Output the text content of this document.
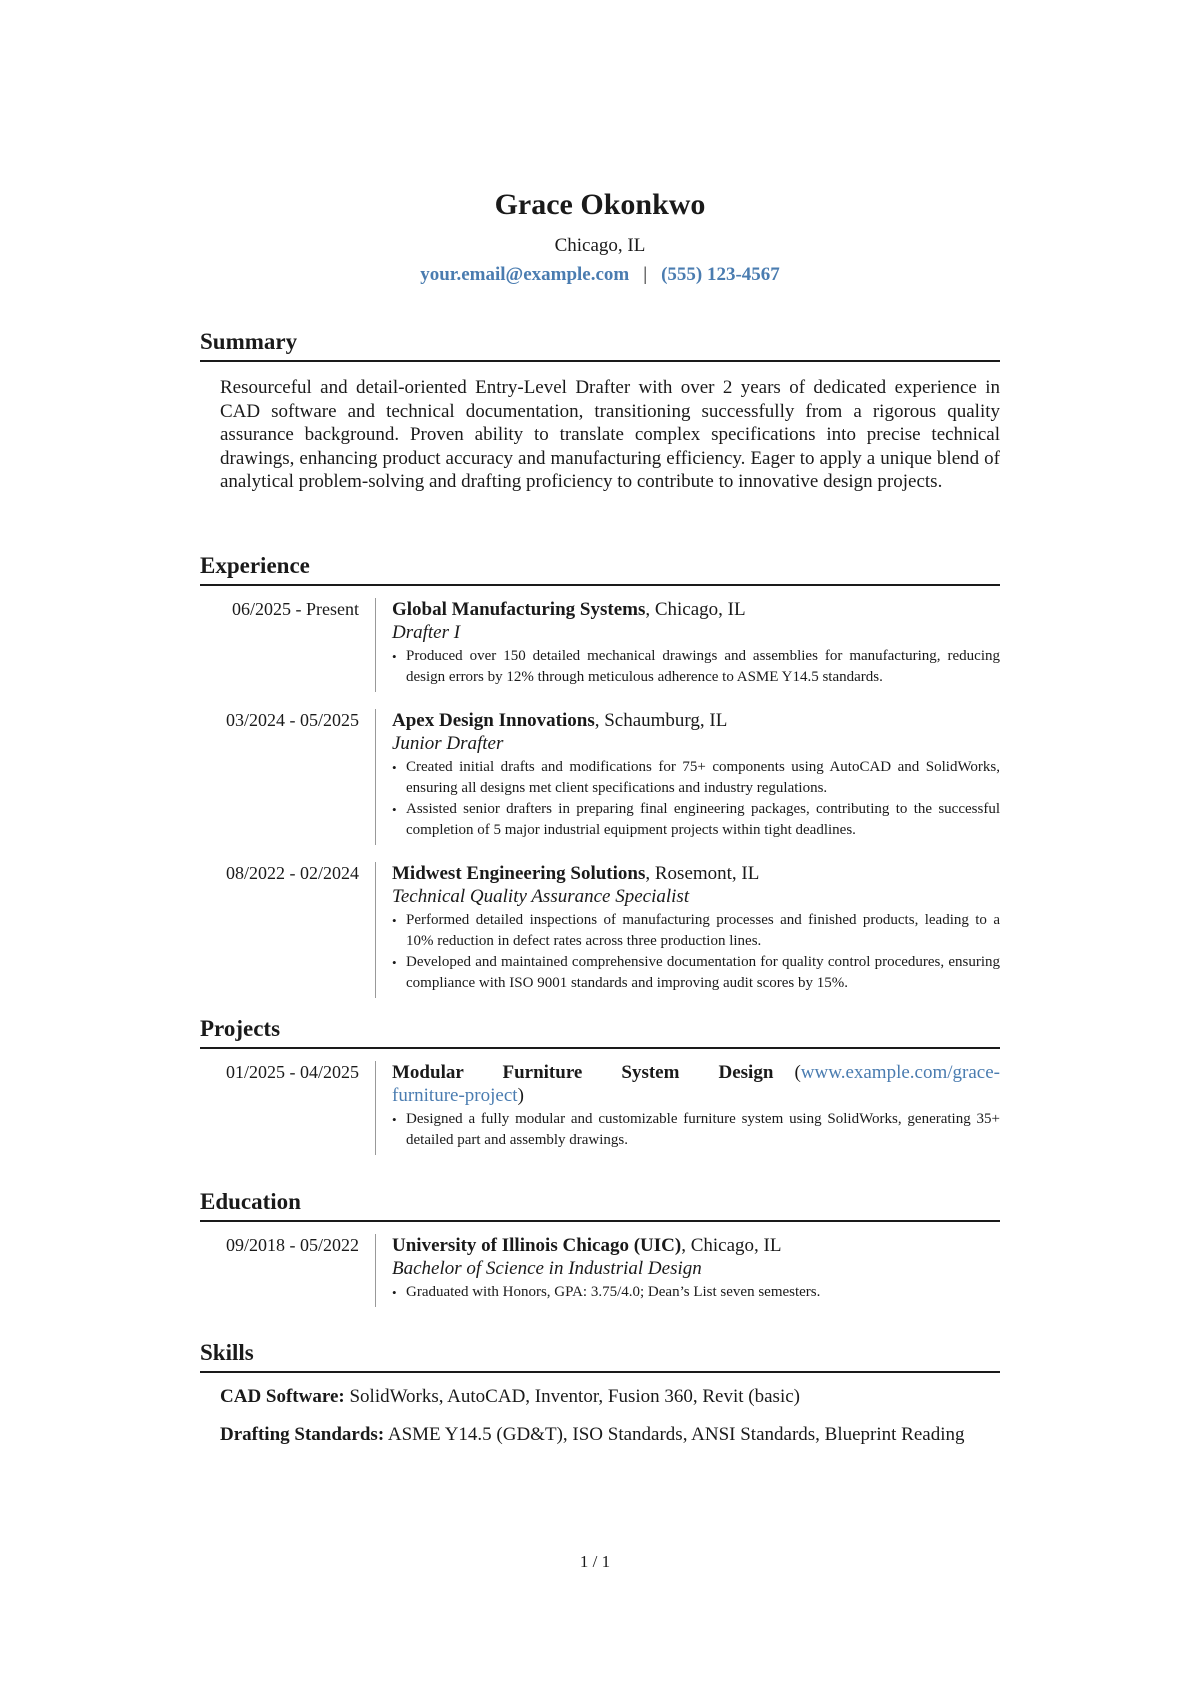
Grace Okonkwo
Chicago, IL
your.email@example.com | (555) 123-4567
Summary

Resourceful and detail-oriented Entry-Level Drafter with over 2 years of dedicated experience in CAD software and technical documentation, transitioning successfully from a rigorous quality assurance background. Proven ability to translate complex specifications into precise technical drawings, enhancing product accuracy and manufacturing efficiency. Eager to apply a unique blend of analytical problem-solving and drafting proficiency to contribute to innovative design projects.

Experience
06/2025 - Present	Global Manufacturing Systems, Chicago, IL
Drafter I
• Produced over 150 detailed mechanical drawings and assemblies for manufacturing, reducing design errors by 12% through meticulous adherence to ASME Y14.5 standards.
03/2024 - 05/2025	Apex Design Innovations, Schaumburg, IL
Junior Drafter
• Created initial drafts and modifications for 75+ components using AutoCAD and SolidWorks, ensuring all designs met client specifications and industry regulations.
• Assisted senior drafters in preparing final engineering packages, contributing to the successful completion of 5 major industrial equipment projects within tight deadlines.
08/2022 - 02/2024	Midwest Engineering Solutions, Rosemont, IL
Technical Quality Assurance Specialist
• Performed detailed inspections of manufacturing processes and finished products, leading to a 10% reduction in defect rates across three production lines.
• Developed and maintained comprehensive documentation for quality control procedures, ensuring compliance with ISO 9001 standards and improving audit scores by 15%.
Projects
01/2025 - 04/2025	Modular Furniture System Design (www.example.com/grace-furniture-project)
• Designed a fully modular and customizable furniture system using SolidWorks, generating 35+ detailed part and assembly drawings.
Education
09/2018 - 05/2022	University of Illinois Chicago (UIC), Chicago, IL
Bachelor of Science in Industrial Design
• Graduated with Honors, GPA: 3.75/4.0; Dean’s List seven semesters.
Skills

CAD Software: SolidWorks, AutoCAD, Inventor, Fusion 360, Revit (basic)

Drafting Standards: ASME Y14.5 (GD&T), ISO Standards, ANSI Standards, Blueprint Reading

1 / 1
